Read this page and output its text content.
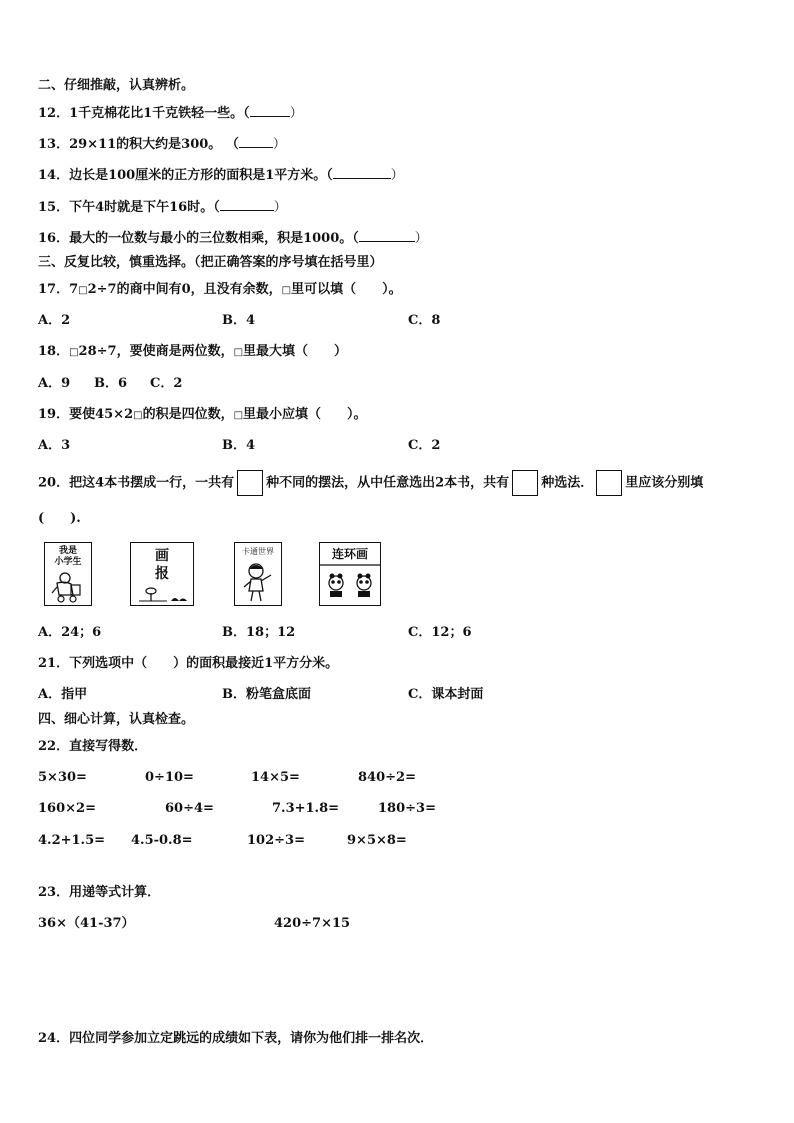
二、仔细推敲，认真辨析。
12．1千克棉花比1千克铁轻一些。（	）
13．29×11的积大约是300。 （	）
14．边长是100厘米的正方形的面积是1平方米。（	）
15．下午4时就是下午16时。（	）
16．最大的一位数与最小的三位数相乘，积是1000。（	）
三、反复比较，慎重选择。（把正确答案的序号填在括号里）
17．7□2÷7的商中间有0，且没有余数，□里可以填（　　）。
A．2	B．4	C．8
18．□28÷7，要使商是两位数，□里最大填（　　）
A．9 B．6 C．2
19．要使45×2□的积是四位数，□里最小应填（　　）。
A．3	B．4	C．2
20．把这4本书摆成一行，一共有 种不同的摆法，从中任意选出2本书，共有 种选法． 里应该分别填
(　　).
我是
小学生	画
报
卡通世界	连环画
A．24；6	B．18；12	C．12；6
21．下列选项中（　　）的面积最接近1平方分米。
A．指甲	B．粉笔盒底面	C．课本封面
四、细心计算，认真检查。
22．直接写得数．
5×30=	0÷10=	14×5=	840÷2=
160×2=	60÷4=	7.3+1.8=	180÷3=
4.2+1.5= 4.5-0.8=	102÷3=	9×5×8=
23．用递等式计算．
36×（41-37）	420÷7×15
24．四位同学参加立定跳远的成绩如下表，请你为他们排一排名次．
